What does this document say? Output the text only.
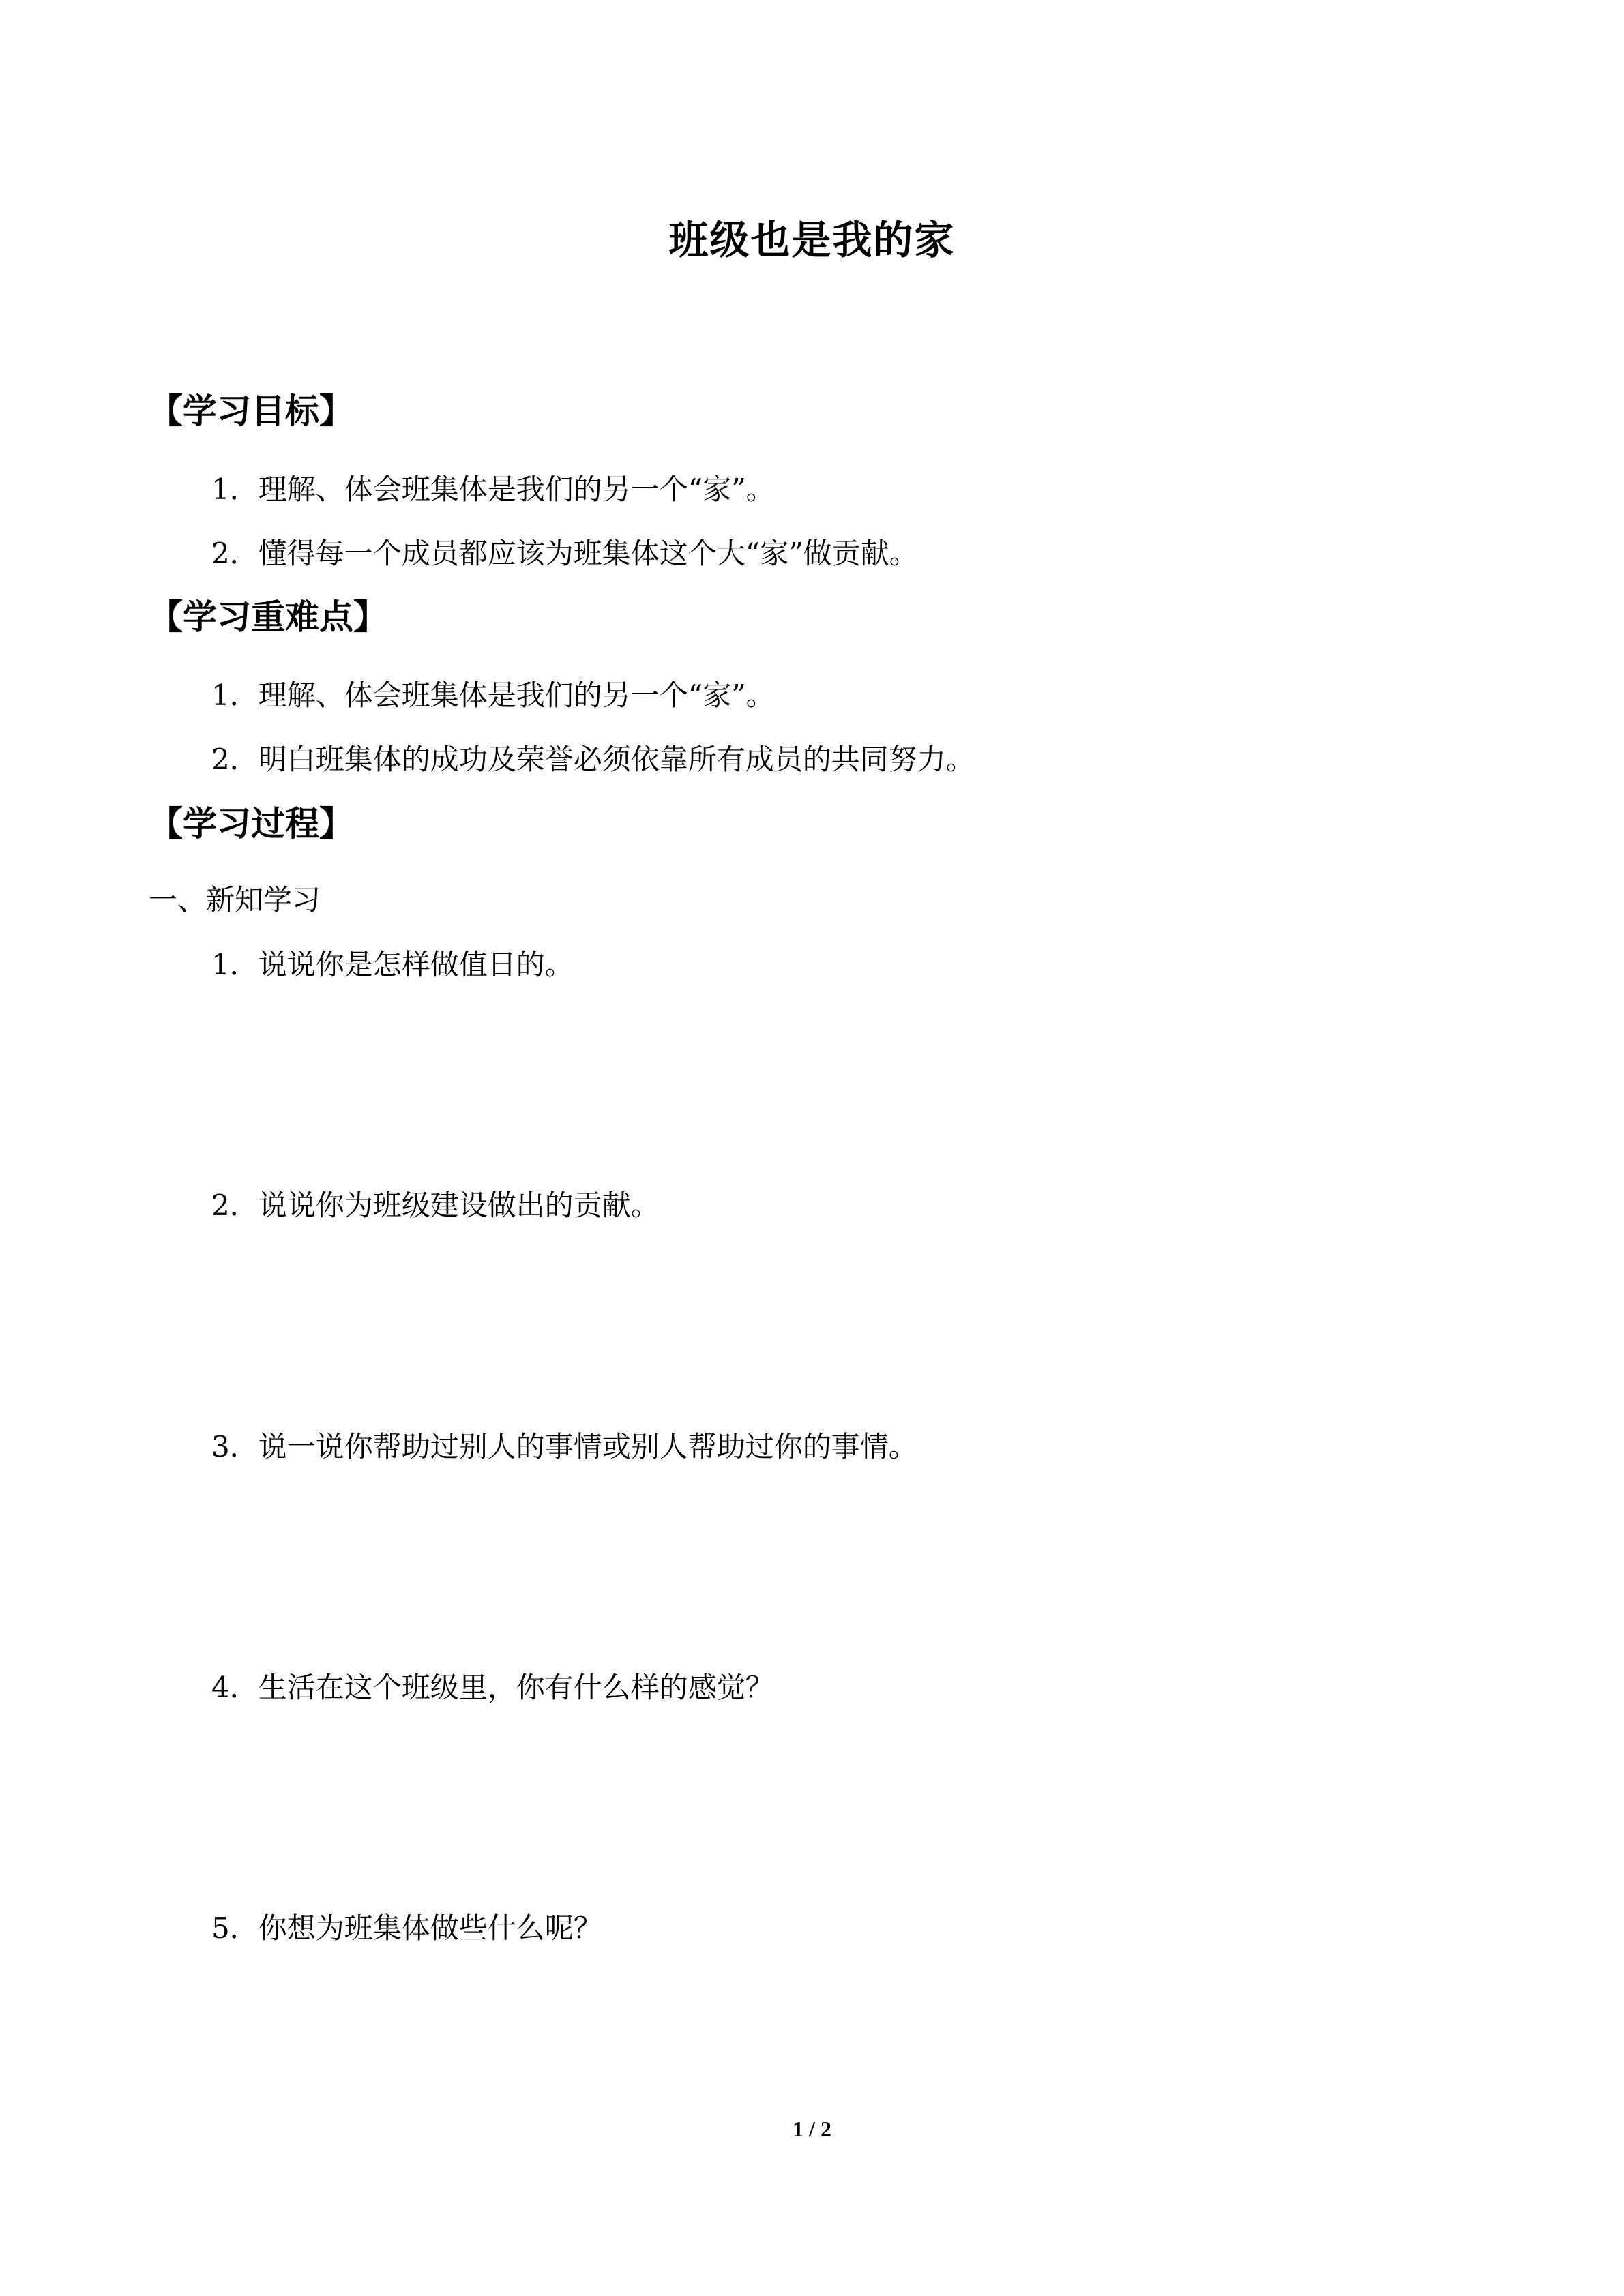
班级也是我的家
【学习目标】
1．理解、体会班集体是我们的另一个“家”。
2．懂得每一个成员都应该为班集体这个大“家”做贡献。
【学习重难点】
1．理解、体会班集体是我们的另一个“家”。
2．明白班集体的成功及荣誉必须依靠所有成员的共同努力。
【学习过程】
一、新知学习
1．说说你是怎样做值日的。
2．说说你为班级建设做出的贡献。
3．说一说你帮助过别人的事情或别人帮助过你的事情。
4．生活在这个班级里，你有什么样的感觉？
5．你想为班集体做些什么呢？
1 / 2
